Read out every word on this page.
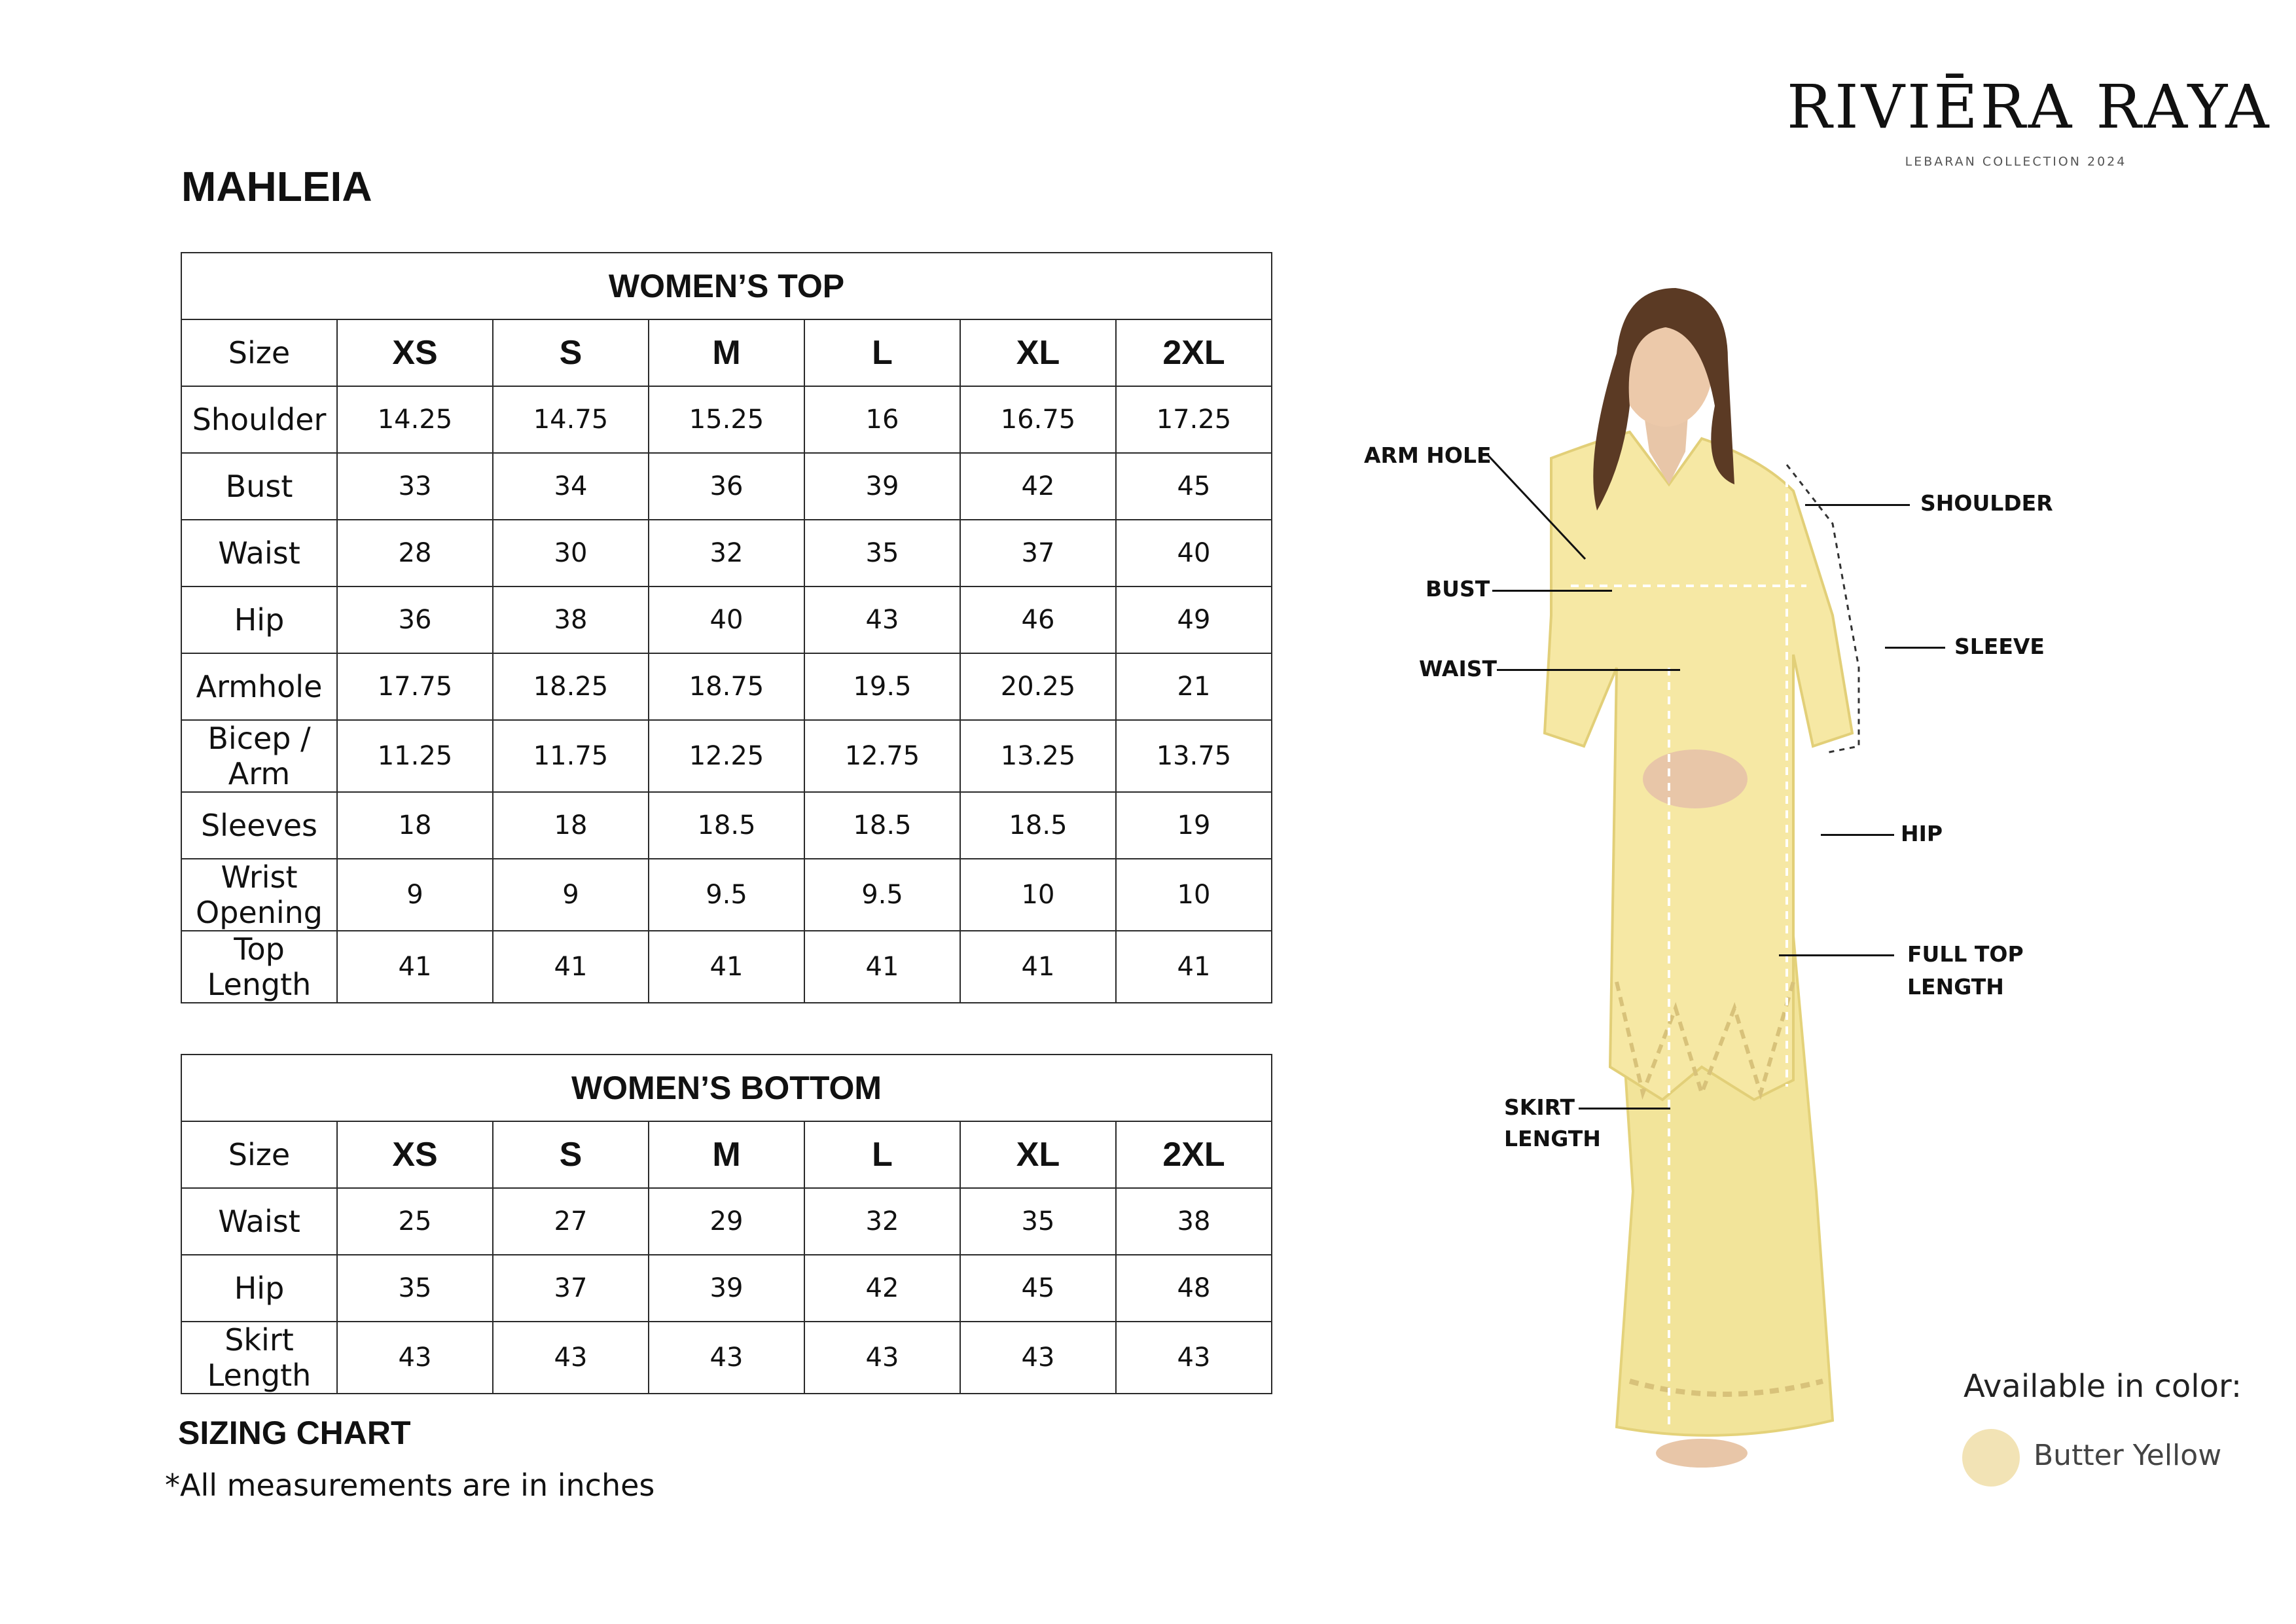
RIVIĒRA RAYA
LEBARAN COLLECTION 2024
MAHLEIA
WOMEN’S TOP						
Size	XS	S	M	L	XL	2XL
Shoulder	14.25	14.75	15.25	16	16.75	17.25
Bust	33	34	36	39	42	45
Waist	28	30	32	35	37	40
Hip	36	38	40	43	46	49
Armhole	17.75	18.25	18.75	19.5	20.25	21
Bicep / Arm	11.25	11.75	12.25	12.75	13.25	13.75
Sleeves	18	18	18.5	18.5	18.5	19
Wrist Opening	9	9	9.5	9.5	10	10
Top Length	41	41	41	41	41	41
WOMEN’S BOTTOM						
Size	XS	S	M	L	XL	2XL
Waist	25	27	29	32	35	38
Hip	35	37	39	42	45	48
Skirt Length	43	43	43	43	43	43
SIZING CHART
*All measurements are in inches
ARM HOLE
BUST
WAIST
SHOULDER
SLEEVE
HIP
FULL TOP
LENGTH
SKIRT
LENGTH
Available in color:
Butter Yellow
